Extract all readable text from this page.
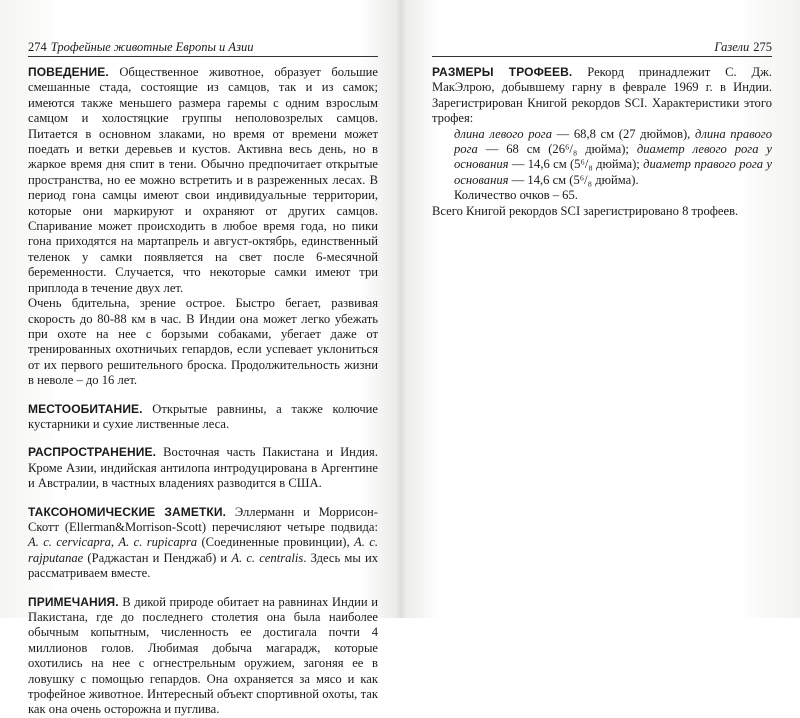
274 Трофейные животные Европы и Азии

ПОВЕДЕНИЕ. Общественное животное, образует большие смешанные стада, состоящие из самцов, так и из самок; имеются также меньшего размера гаремы с одним взрослым самцом и холостяцкие группы неполовозрелых самцов. Питается в основном злаками, но время от времени может поедать и ветки деревьев и кустов. Активна весь день, но в жаркое время дня спит в тени. Обычно предпочитает открытые пространства, но ее можно встретить и в разреженных лесах. В период гона самцы имеют свои индивидуальные территории, которые они маркируют и охраняют от других самцов. Спаривание может происходить в любое время года, но пики гона приходятся на мартапрель и август-октябрь, единственный теленок у самки появляется на свет после 6-месячной беременности. Случается, что некоторые самки имеют три приплода в течение двух лет.

Очень бдительна, зрение острое. Быстро бегает, развивая скорость до 80-88 км в час. В Индии она может легко убежать при охоте на нее с борзыми собаками, убегает даже от тренированных охотничьих гепардов, если успевает уклониться от их первого решительного броска. Продолжительность жизни в неволе – до 16 лет.

МЕСТООБИТАНИЕ. Открытые равнины, а также колючие кустарники и сухие лиственные леса.

РАСПРОСТРАНЕНИЕ. Восточная часть Пакистана и Индия. Кроме Азии, индийская антилопа интродуцирована в Аргентине и Австралии, в частных владениях разводится в США.

ТАКСОНОМИЧЕСКИЕ ЗАМЕТКИ. Эллерманн и Моррисон-Скотт (Ellerman&Morrison-Scott) перечисляют четыре подвида: A. c. cervicapra, A. c. rupicapra (Соединенные провинции), A. c. rajputanae (Раджастан и Пенджаб) и A. c. centralis. Здесь мы их рассматриваем вместе.

ПРИМЕЧАНИЯ. В дикой природе обитает на равнинах Индии и Пакистана, где до последнего столетия она была наиболее обычным копытным, численность ее достигала почти 4 миллионов голов. Любимая добыча магарадж, которые охотились на нее с огнестрельным оружием, загоняя ее в ловушку с помощью гепардов. Она охраняется за мясо и как трофейное животное. Интересный объект спортивной охоты, так как она очень осторожна и пуглива.

Газели 275

РАЗМЕРЫ ТРОФЕЕВ. Рекорд принадлежит С. Дж. МакЭлрою, добывшему гарну в феврале 1969 г. в Индии. Зарегистрирован Книгой рекордов SCI. Характеристики этого трофея:

длина левого рога — 68,8 см (27 дюймов), длина правого рога — 68 см (26⁶/₈ дюйма); диаметр левого рога у основания — 14,6 см (5⁶/₈ дюйма); диаметр правого рога у основания — 14,6 см (5⁶/₈ дюйма).

Количество очков – 65.

Всего Книгой рекордов SCI зарегистрировано 8 трофеев.
